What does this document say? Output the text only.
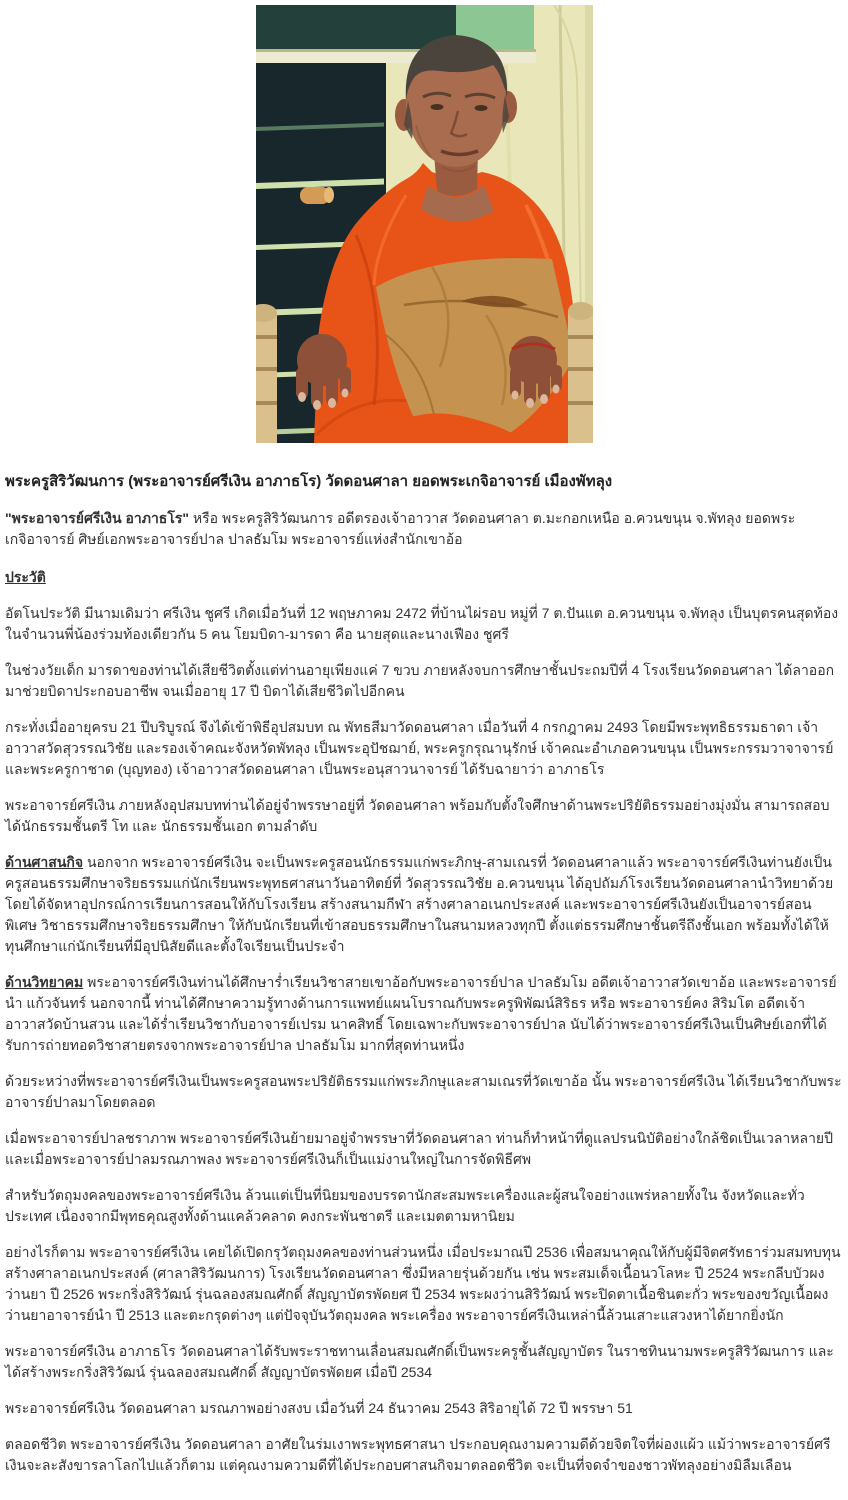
พระครูสิริวัฒนการ (พระอาจารย์ศรีเงิน อาภาธโร) วัดดอนศาลา ยอดพระเกจิอาจารย์ เมืองพัทลุง

"พระอาจารย์ศรีเงิน อาภาธโร" หรือ พระครูสิริวัฒนการ อดีตรองเจ้าอาวาส วัดดอนศาลา ต.มะกอกเหนือ อ.ควนขนุน จ.พัทลุง ยอดพระเกจิอาจารย์ ศิษย์เอกพระอาจารย์ปาล ปาลธัมโม พระอาจารย์แห่งสำนักเขาอ้อ

ประวัติ

อัตโนประวัติ มีนามเดิมว่า ศรีเงิน ชูศรี เกิดเมื่อวันที่ 12 พฤษภาคม 2472 ที่บ้านไผ่รอบ หมู่ที่ 7 ต.ปันแต อ.ควนขนุน จ.พัทลุง เป็นบุตรคนสุดท้องในจำนวนพี่น้องร่วมท้องเดียวกัน 5 คน โยมบิดา-มารดา คือ นายสุดและนางเฟือง ชูศรี

ในช่วงวัยเด็ก มารดาของท่านได้เสียชีวิตตั้งแต่ท่านอายุเพียงแค่ 7 ขวบ ภายหลังจบการศึกษาชั้นประถมปีที่ 4 โรงเรียนวัดดอนศาลา ได้ลาออกมาช่วยบิดาประกอบอาชีพ จนเมื่ออายุ 17 ปี บิดาได้เสียชีวิตไปอีกคน

กระทั่งเมื่ออายุครบ 21 ปีบริบูรณ์ จึงได้เข้าพิธีอุปสมบท ณ พัทธสีมาวัดดอนศาลา เมื่อวันที่ 4 กรกฎาคม 2493 โดยมีพระพุทธิธรรมธาดา เจ้าอาวาสวัดสุวรรณวิชัย และรองเจ้าคณะจังหวัดพัทลุง เป็นพระอุปัชฌาย์, พระครูกรุณานุรักษ์ เจ้าคณะอำเภอควนขนุน เป็นพระกรรมวาจาจารย์ และพระครูกาชาด (บุญทอง) เจ้าอาวาสวัดดอนศาลา เป็นพระอนุสาวนาจารย์ ได้รับฉายาว่า อาภาธโร

พระอาจารย์ศรีเงิน ภายหลังอุปสมบทท่านได้อยู่จำพรรษาอยู่ที่ วัดดอนศาลา พร้อมกับตั้งใจศึกษาด้านพระปริยัติธรรมอย่างมุ่งมั่น สามารถสอบได้นักธรรมชั้นตรี โท และ นักธรรมชั้นเอก ตามลำดับ

ด้านศาสนกิจ นอกจาก พระอาจารย์ศรีเงิน จะเป็นพระครูสอนนักธรรมแก่พระภิกษุ-สามเณรที่ วัดดอนศาลาแล้ว พระอาจารย์ศรีเงินท่านยังเป็นครูสอนธรรมศึกษาจริยธรรมแก่นักเรียนพระพุทธศาสนาวันอาทิตย์ที่ วัดสุวรรณวิชัย อ.ควนขนุน ได้อุปถัมภ์โรงเรียนวัดดอนศาลานำวิทยาด้วย โดยได้จัดหาอุปกรณ์การเรียนการสอนให้กับโรงเรียน สร้างสนามกีฬา สร้างศาลาอเนกประสงค์ และพระอาจารย์ศรีเงินยังเป็นอาจารย์สอนพิเศษ วิชาธรรมศึกษาจริยธรรมศึกษา ให้กับนักเรียนที่เข้าสอบธรรมศึกษาในสนามหลวงทุกปี ตั้งแต่ธรรมศึกษาชั้นตรีถึงชั้นเอก พร้อมทั้งได้ให้ทุนศึกษาแก่นักเรียนที่มีอุปนิสัยดีและตั้งใจเรียนเป็นประจำ

ด้านวิทยาคม พระอาจารย์ศรีเงินท่านได้ศึกษาร่ำเรียนวิชาสายเขาอ้อกับพระอาจารย์ปาล ปาลธัมโม อดีตเจ้าอาวาสวัดเขาอ้อ และพระอาจารย์นำ แก้วจันทร์ นอกจากนี้ ท่านได้ศึกษาความรู้ทางด้านการแพทย์แผนโบราณกับพระครูพิพัฒน์สิริธร หรือ พระอาจารย์คง สิริมโต อดีตเจ้าอาวาสวัดบ้านสวน และได้ร่ำเรียนวิชากับอาจารย์เปรม นาคสิทธิ์ โดยเฉพาะกับพระอาจารย์ปาล นับได้ว่าพระอาจารย์ศรีเงินเป็นศิษย์เอกที่ได้รับการถ่ายทอดวิชาสายตรงจากพระอาจารย์ปาล ปาลธัมโม มากที่สุดท่านหนึ่ง

ด้วยระหว่างที่พระอาจารย์ศรีเงินเป็นพระครูสอนพระปริยัติธรรมแก่พระภิกษุและสามเณรที่วัดเขาอ้อ นั้น พระอาจารย์ศรีเงิน ได้เรียนวิชากับพระอาจารย์ปาลมาโดยตลอด

เมื่อพระอาจารย์ปาลชราภาพ พระอาจารย์ศรีเงินย้ายมาอยู่จำพรรษาที่วัดดอนศาลา ท่านก็ทำหน้าที่ดูแลปรนนิบัติอย่างใกล้ชิดเป็นเวลาหลายปี และเมื่อพระอาจารย์ปาลมรณภาพลง พระอาจารย์ศรีเงินก็เป็นแม่งานใหญ่ในการจัดพิธีศพ

สำหรับวัตถุมงคลของพระอาจารย์ศรีเงิน ล้วนแต่เป็นที่นิยมของบรรดานักสะสมพระเครื่องและผู้สนใจอย่างแพร่หลายทั้งใน จังหวัดและทั่วประเทศ เนื่องจากมีพุทธคุณสูงทั้งด้านแคล้วคลาด คงกระพันชาตรี และเมตตามหานิยม

อย่างไรก็ตาม พระอาจารย์ศรีเงิน เคยได้เปิดกรุวัตถุมงคลของท่านส่วนหนึ่ง เมื่อประมาณปี 2536 เพื่อสมนาคุณให้กับผู้มีจิตศรัทธาร่วมสมทบทุนสร้างศาลาอเนกประสงค์ (ศาลาสิริวัฒนการ) โรงเรียนวัดดอนศาลา ซึ่งมีหลายรุ่นด้วยกัน เช่น พระสมเด็จเนื้อนวโลหะ ปี 2524 พระกลีบบัวผงว่านยา ปี 2526 พระกริ่งสิริวัฒน์ รุ่นฉลองสมณศักดิ์ สัญญาบัตรพัดยศ ปี 2534 พระผงว่านสิริวัฒน์ พระปิดตาเนื้อชินตะกั่ว พระของขวัญเนื้อผงว่านยาอาจารย์นำ ปี 2513 และตะกรุดต่างๆ แต่ปัจจุบันวัตถุมงคล พระเครื่อง พระอาจารย์ศรีเงินเหล่านี้ล้วนเสาะแสวงหาได้ยากยิ่งนัก

พระอาจารย์ศรีเงิน อาภาธโร วัดดอนศาลาได้รับพระราชทานเลื่อนสมณศักดิ์เป็นพระครูชั้นสัญญาบัตร ในราชทินนามพระครูสิริวัฒนการ และได้สร้างพระกริ่งสิริวัฒน์ รุ่นฉลองสมณศักดิ์ สัญญาบัตรพัดยศ เมื่อปี 2534

พระอาจารย์ศรีเงิน วัดดอนศาลา มรณภาพอย่างสงบ เมื่อวันที่ 24 ธันวาคม 2543 สิริอายุได้ 72 ปี พรรษา 51

ตลอดชีวิต พระอาจารย์ศรีเงิน วัดดอนศาลา อาศัยในร่มเงาพระพุทธศาสนา ประกอบคุณงามความดีด้วยจิตใจที่ผ่องแผ้ว แม้ว่าพระอาจารย์ศรีเงินจะละสังขารลาโลกไปแล้วก็ตาม แต่คุณงามความดีที่ได้ประกอบศาสนกิจมาตลอดชีวิต จะเป็นที่จดจำของชาวพัทลุงอย่างมิลืมเลือน
